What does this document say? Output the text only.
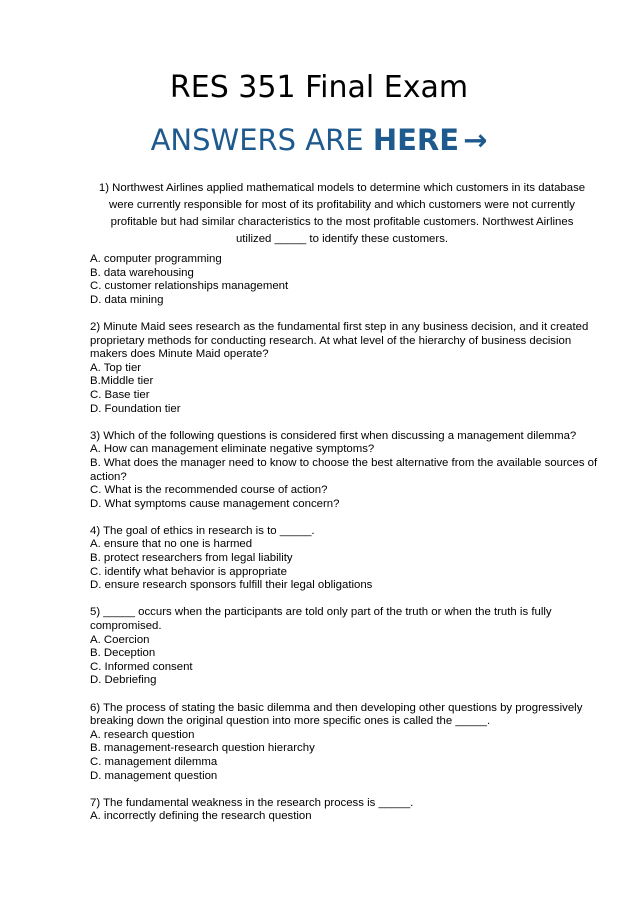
RES 351 Final Exam
ANSWERS ARE HERE →
1) Northwest Airlines applied mathematical models to determine which customers in its database were currently responsible for most of its profitability and which customers were not currently profitable but had similar characteristics to the most profitable customers. Northwest Airlines utilized _____ to identify these customers.
A. computer programming
B. data warehousing
C. customer relationships management
D. data mining
2) Minute Maid sees research as the fundamental first step in any business decision, and it created proprietary methods for conducting research. At what level of the hierarchy of business decision makers does Minute Maid operate?
A. Top tier
B.Middle tier
C. Base tier
D. Foundation tier
3) Which of the following questions is considered first when discussing a management dilemma?
A. How can management eliminate negative symptoms?
B. What does the manager need to know to choose the best alternative from the available sources of action?
C. What is the recommended course of action?
D. What symptoms cause management concern?
4) The goal of ethics in research is to _____.
A. ensure that no one is harmed
B. protect researchers from legal liability
C. identify what behavior is appropriate
D. ensure research sponsors fulfill their legal obligations
5) _____ occurs when the participants are told only part of the truth or when the truth is fully compromised.
A. Coercion
B. Deception
C. Informed consent
D. Debriefing
6) The process of stating the basic dilemma and then developing other questions by progressively breaking down the original question into more specific ones is called the _____.
A. research question
B. management-research question hierarchy
C. management dilemma
D. management question
7) The fundamental weakness in the research process is _____.
A. incorrectly defining the research question
